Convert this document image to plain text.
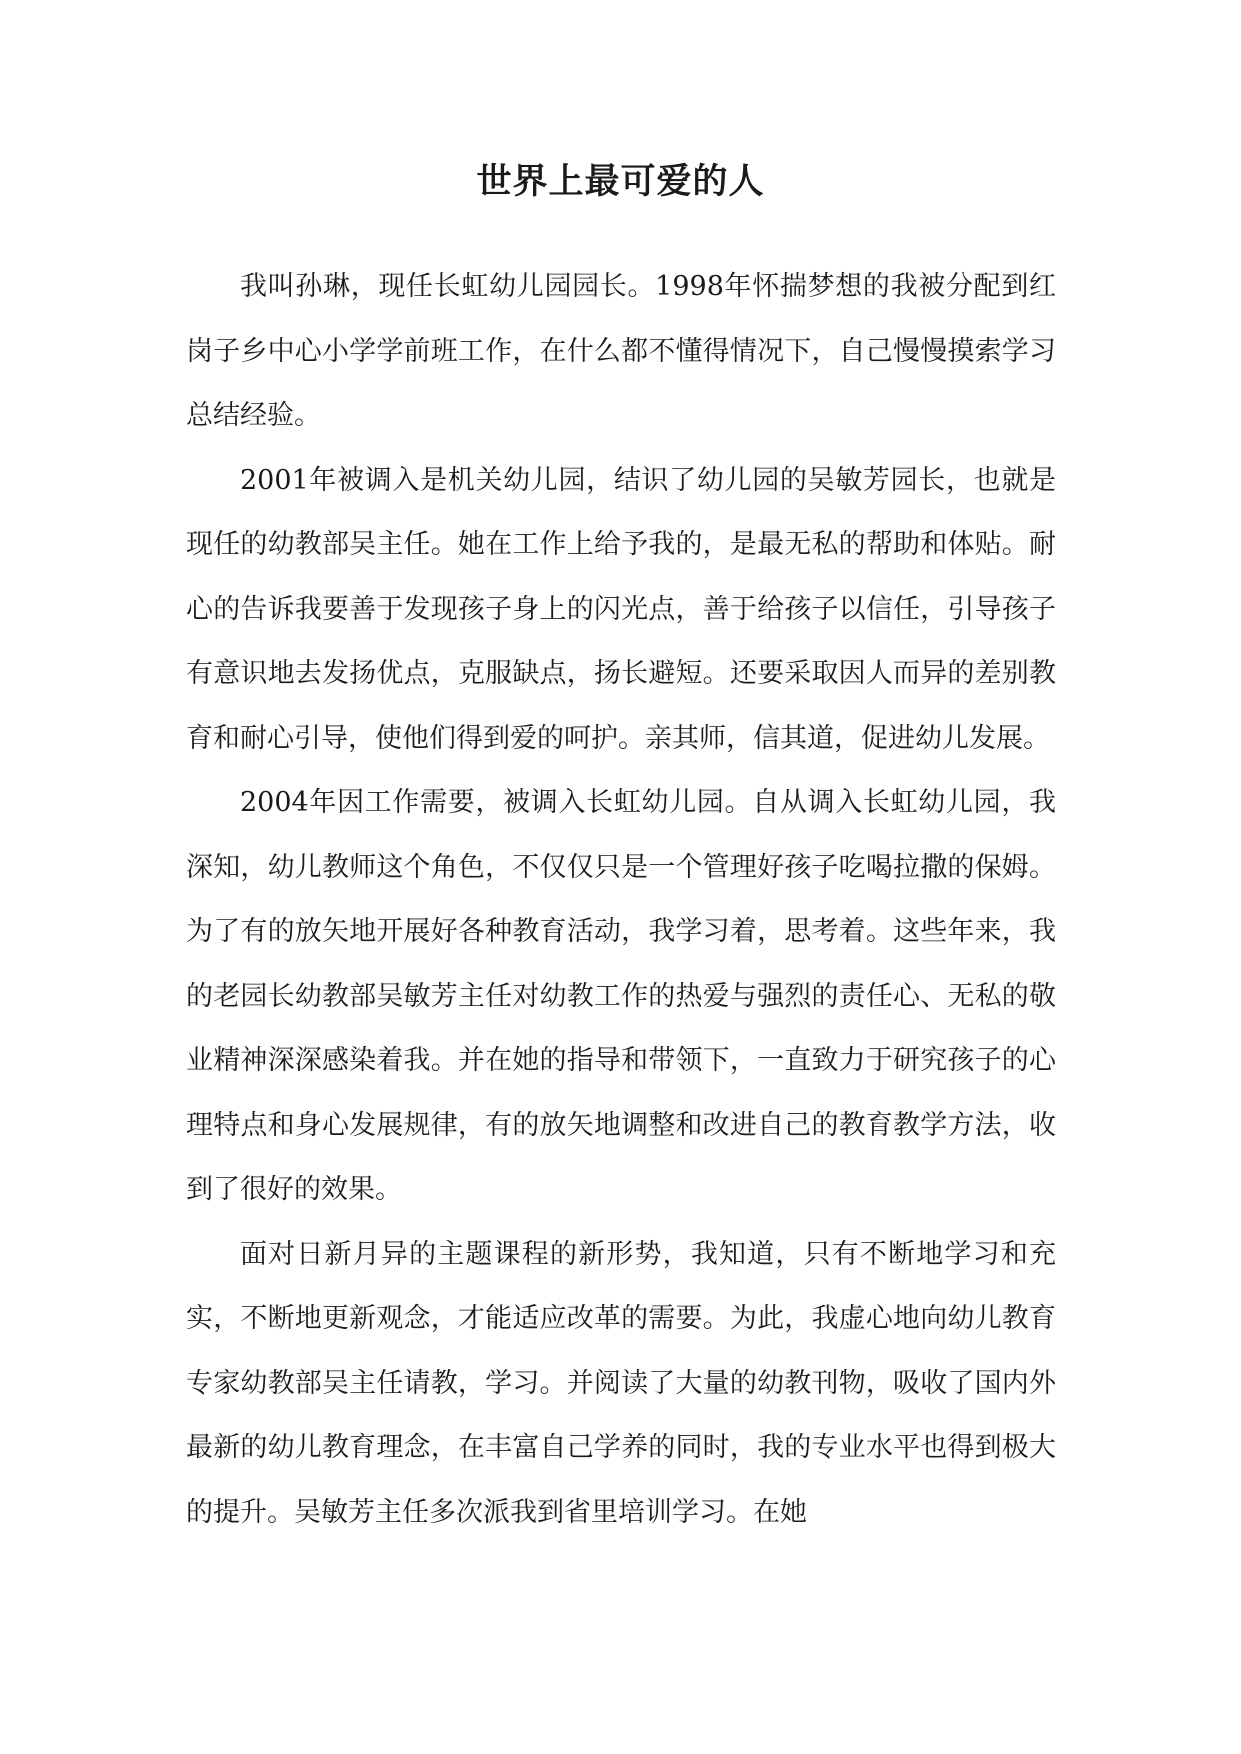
世界上最可爱的人

我叫孙琳，现任长虹幼儿园园长。1998年怀揣梦想的我被分配到红岗子乡中心小学学前班工作，在什么都不懂得情况下，自己慢慢摸索学习总结经验。

2001年被调入是机关幼儿园，结识了幼儿园的吴敏芳园长，也就是现任的幼教部吴主任。她在工作上给予我的，是最无私的帮助和体贴。耐心的告诉我要善于发现孩子身上的闪光点，善于给孩子以信任，引导孩子有意识地去发扬优点，克服缺点，扬长避短。还要采取因人而异的差别教育和耐心引导，使他们得到爱的呵护。亲其师，信其道，促进幼儿发展。

2004年因工作需要，被调入长虹幼儿园。自从调入长虹幼儿园，我深知，幼儿教师这个角色，不仅仅只是一个管理好孩子吃喝拉撒的保姆。为了有的放矢地开展好各种教育活动，我学习着，思考着。这些年来，我的老园长幼教部吴敏芳主任对幼教工作的热爱与强烈的责任心、无私的敬业精神深深感染着我。并在她的指导和带领下，一直致力于研究孩子的心理特点和身心发展规律，有的放矢地调整和改进自己的教育教学方法，收到了很好的效果。

面对日新月异的主题课程的新形势，我知道，只有不断地学习和充实，不断地更新观念，才能适应改革的需要。为此，我虚心地向幼儿教育专家幼教部吴主任请教，学习。并阅读了大量的幼教刊物，吸收了国内外最新的幼儿教育理念，在丰富自己学养的同时，我的专业水平也得到极大的提升。吴敏芳主任多次派我到省里培训学习。在她
